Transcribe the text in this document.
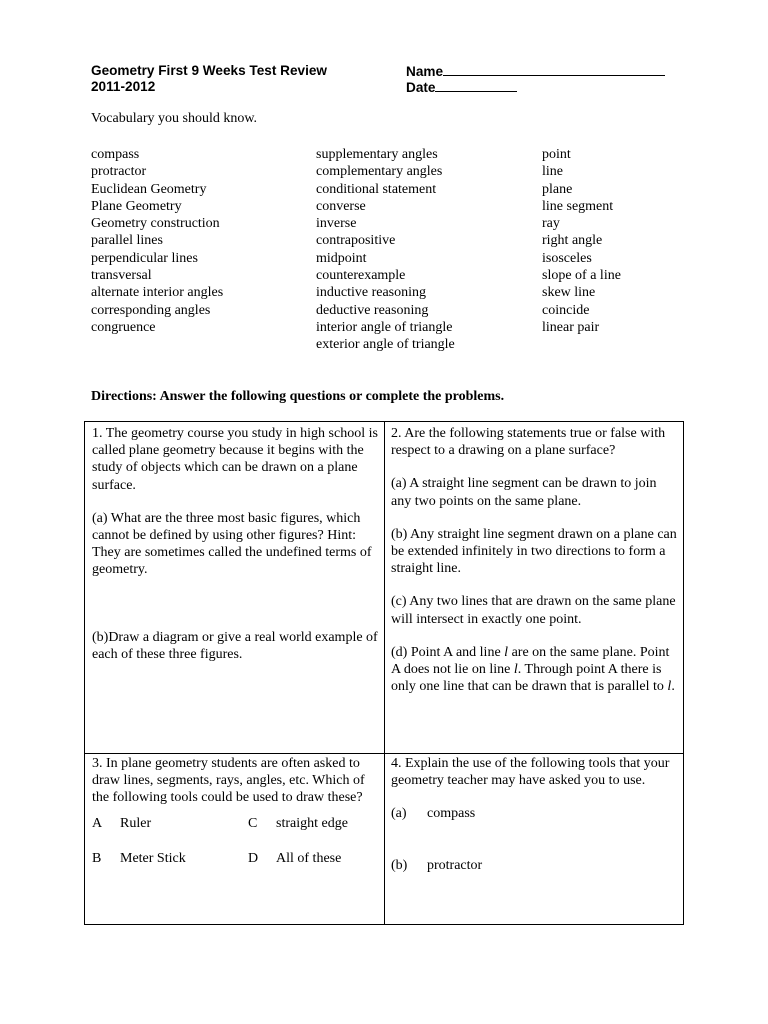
Geometry First 9 Weeks Test Review
2011-2012
Name
Date
Vocabulary you should know.
compass
protractor
Euclidean Geometry
Plane Geometry
Geometry construction
parallel lines
perpendicular lines
transversal
alternate interior angles
corresponding angles
congruence
supplementary angles
complementary angles
conditional statement
converse
inverse
contrapositive
midpoint
counterexample
inductive reasoning
deductive reasoning
interior angle of triangle
exterior angle of triangle
point
line
plane
line segment
ray
right angle
isosceles
slope of a line
skew line
coincide
linear pair
Directions: Answer the following questions or complete the problems.

1. The geometry course you study in high school is called plane geometry because it begins with the study of objects which can be drawn on a plane surface.

(a) What are the three most basic figures, which cannot be defined by using other figures? Hint: They are sometimes called the undefined terms of geometry.

(b)Draw a diagram or give a real world example of each of these three figures.

2. Are the following statements true or false with respect to a drawing on a plane surface?

(a) A straight line segment can be drawn to join any two points on the same plane.

(b) Any straight line segment drawn on a plane can be extended infinitely in two directions to form a straight line.

(c) Any two lines that are drawn on the same plane will intersect in exactly one point.

(d) Point A and line l are on the same plane. Point A does not lie on line l. Through point A there is only one line that can be drawn that is parallel to l.

3. In plane geometry students are often asked to draw lines, segments, rays, angles, etc. Which of the following tools could be used to draw these?

A Ruler	C straight edge
B Meter Stick	D All of these

4. Explain the use of the following tools that your geometry teacher may have asked you to use.

(a) compass
(b) protractor
